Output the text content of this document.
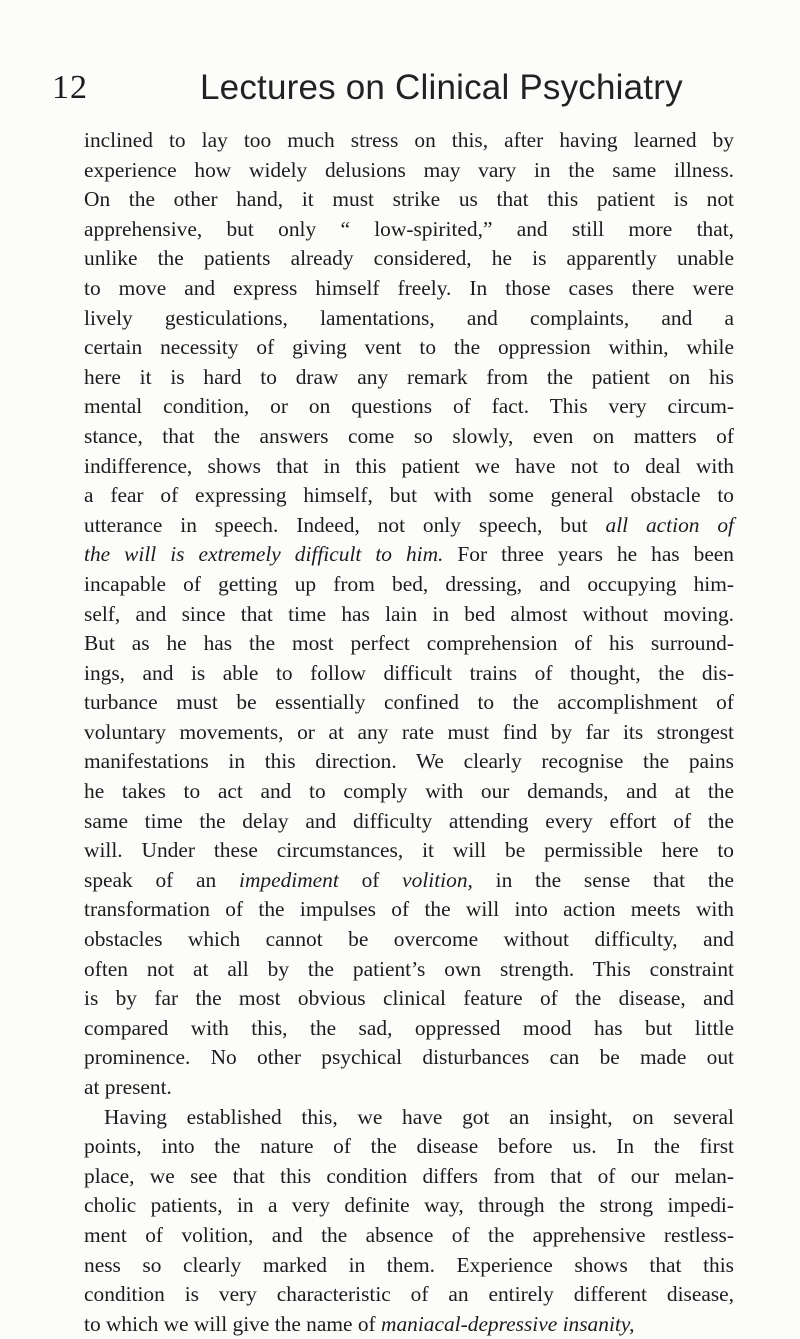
12	Lectures on Clinical Psychiatry
inclined to lay too much stress on this, after having learned by
experience how widely delusions may vary in the same illness.
On the other hand, it must strike us that this patient is not
apprehensive, but only “ low-spirited,” and still more that,
unlike the patients already considered, he is apparently unable
to move and express himself freely. In those cases there were
lively gesticulations, lamentations, and complaints, and a
certain necessity of giving vent to the oppression within, while
here it is hard to draw any remark from the patient on his
mental condition, or on questions of fact. This very circum-
stance, that the answers come so slowly, even on matters of
indifference, shows that in this patient we have not to deal with
a fear of expressing himself, but with some general obstacle to
utterance in speech. Indeed, not only speech, but all action of
the will is extremely difficult to him. For three years he has been
incapable of getting up from bed, dressing, and occupying him-
self, and since that time has lain in bed almost without moving.
But as he has the most perfect comprehension of his surround-
ings, and is able to follow difficult trains of thought, the dis-
turbance must be essentially confined to the accomplishment of
voluntary movements, or at any rate must find by far its strongest
manifestations in this direction. We clearly recognise the pains
he takes to act and to comply with our demands, and at the
same time the delay and difficulty attending every effort of the
will. Under these circumstances, it will be permissible here to
speak of an impediment of volition, in the sense that the
transformation of the impulses of the will into action meets with
obstacles which cannot be overcome without difficulty, and
often not at all by the patient’s own strength. This constraint
is by far the most obvious clinical feature of the disease, and
compared with this, the sad, oppressed mood has but little
prominence. No other psychical disturbances can be made out
at present.
Having established this, we have got an insight, on several
points, into the nature of the disease before us. In the first
place, we see that this condition differs from that of our melan-
cholic patients, in a very definite way, through the strong impedi-
ment of volition, and the absence of the apprehensive restless-
ness so clearly marked in them. Experience shows that this
condition is very characteristic of an entirely different disease,
to which we will give the name of maniacal-depressive insanity,
